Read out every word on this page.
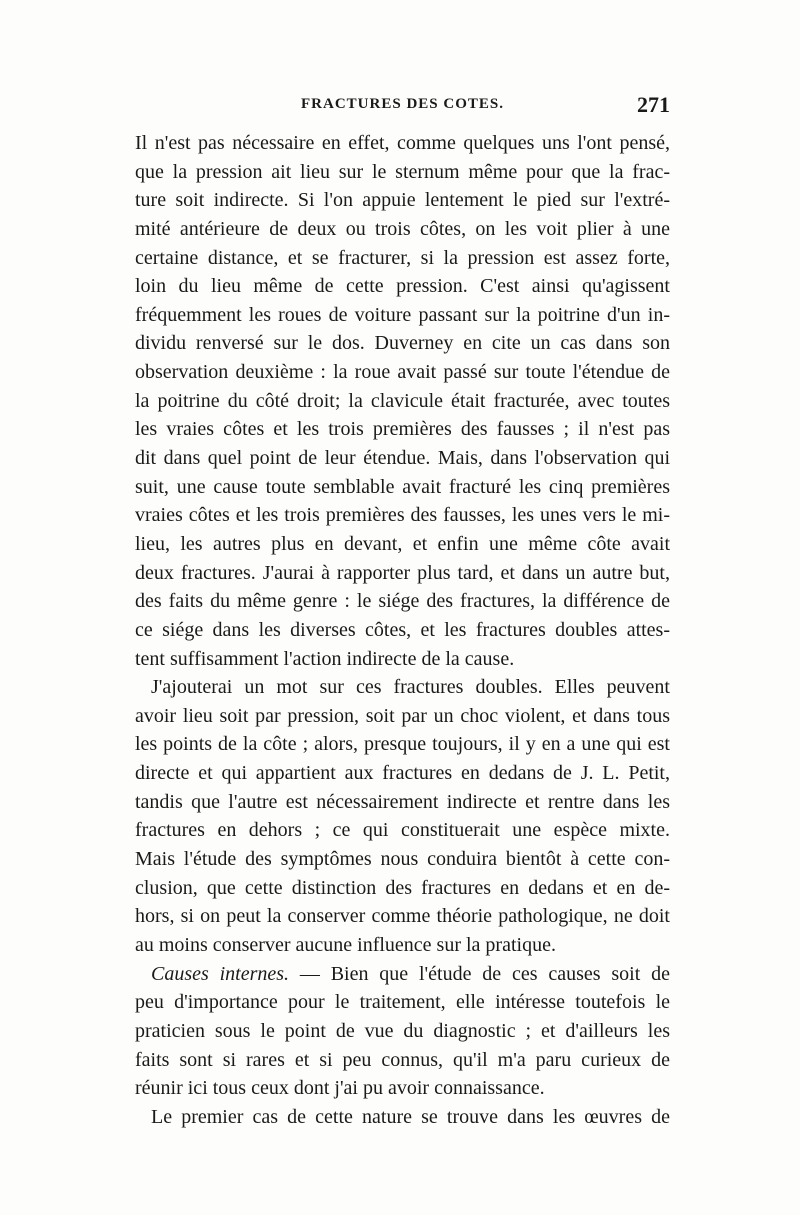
FRACTURES DES COTES.	271
Il n'est pas nécessaire en effet, comme quelques uns l'ont pensé,
que la pression ait lieu sur le sternum même pour que la frac-
ture soit indirecte. Si l'on appuie lentement le pied sur l'extré-
mité antérieure de deux ou trois côtes, on les voit plier à une
certaine distance, et se fracturer, si la pression est assez forte,
loin du lieu même de cette pression. C'est ainsi qu'agissent
fréquemment les roues de voiture passant sur la poitrine d'un in-
dividu renversé sur le dos. Duverney en cite un cas dans son
observation deuxième : la roue avait passé sur toute l'étendue de
la poitrine du côté droit; la clavicule était fracturée, avec toutes
les vraies côtes et les trois premières des fausses ; il n'est pas
dit dans quel point de leur étendue. Mais, dans l'observation qui
suit, une cause toute semblable avait fracturé les cinq premières
vraies côtes et les trois premières des fausses, les unes vers le mi-
lieu, les autres plus en devant, et enfin une même côte avait
deux fractures. J'aurai à rapporter plus tard, et dans un autre but,
des faits du même genre : le siége des fractures, la différence de
ce siége dans les diverses côtes, et les fractures doubles attes-
tent suffisamment l'action indirecte de la cause.
J'ajouterai un mot sur ces fractures doubles. Elles peuvent
avoir lieu soit par pression, soit par un choc violent, et dans tous
les points de la côte ; alors, presque toujours, il y en a une qui est
directe et qui appartient aux fractures en dedans de J. L. Petit,
tandis que l'autre est nécessairement indirecte et rentre dans les
fractures en dehors ; ce qui constituerait une espèce mixte.
Mais l'étude des symptômes nous conduira bientôt à cette con-
clusion, que cette distinction des fractures en dedans et en de-
hors, si on peut la conserver comme théorie pathologique, ne doit
au moins conserver aucune influence sur la pratique.
Causes internes. — Bien que l'étude de ces causes soit de
peu d'importance pour le traitement, elle intéresse toutefois le
praticien sous le point de vue du diagnostic ; et d'ailleurs les
faits sont si rares et si peu connus, qu'il m'a paru curieux de
réunir ici tous ceux dont j'ai pu avoir connaissance.
Le premier cas de cette nature se trouve dans les œuvres de
